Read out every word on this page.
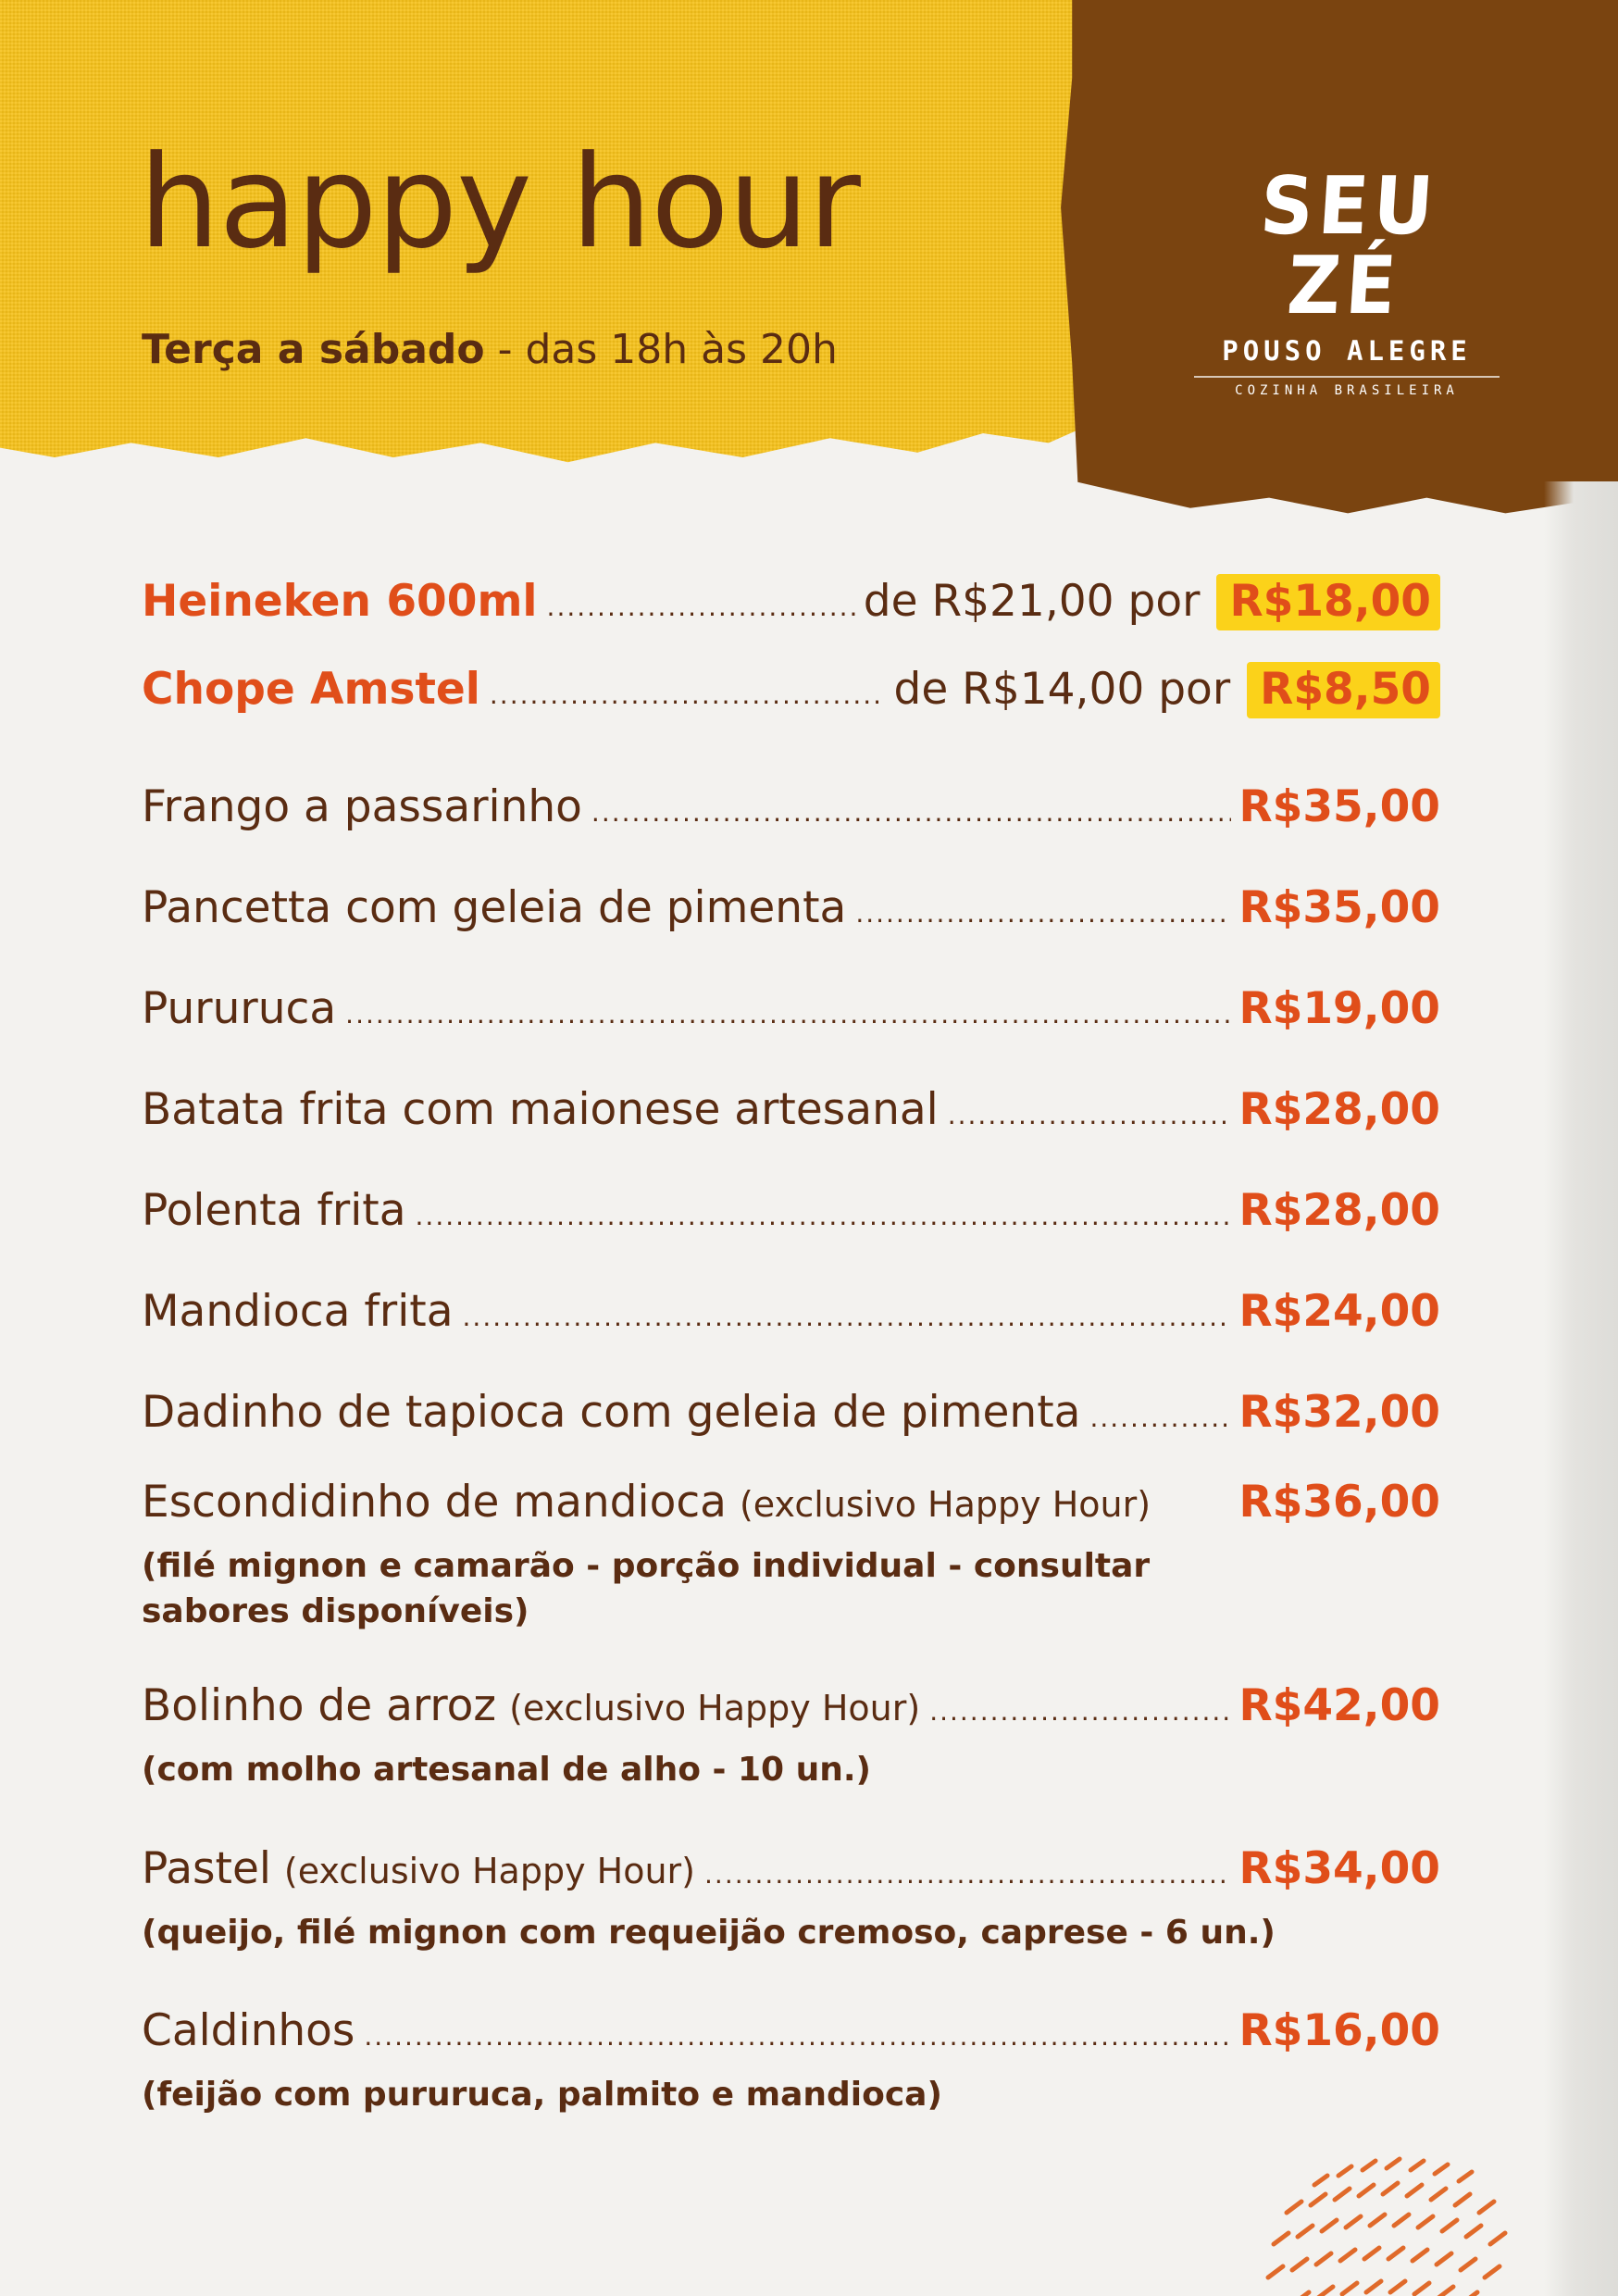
happy hour
Terça a sábado - das 18h às 20h
SEU ZÉ
POUSO ALEGRE
COZINHA BRASILEIRA
Heineken 600ml .....	de R$21,00 por R$18,00
Chope Amstel .....	de R$14,00 por R$8,50
Frango a passarinho .....	R$35,00
Pancetta com geleia de pimenta .....	R$35,00
Pururuca .....	R$19,00
Batata frita com maionese artesanal .....	R$28,00
Polenta frita .....	R$28,00
Mandioca frita .....	R$24,00
Dadinho de tapioca com geleia de pimenta .....	R$32,00
Escondidinho de mandioca (exclusivo Happy Hour) R$36,00
(filé mignon e camarão - porção individual - consultar sabores disponíveis)
Bolinho de arroz (exclusivo Happy Hour) .....	R$42,00
(com molho artesanal de alho - 10 un.)
Pastel (exclusivo Happy Hour) .....	R$34,00
(queijo, filé mignon com requeijão cremoso, caprese - 6 un.)
Caldinhos .....	R$16,00
(feijão com pururuca, palmito e mandioca)
